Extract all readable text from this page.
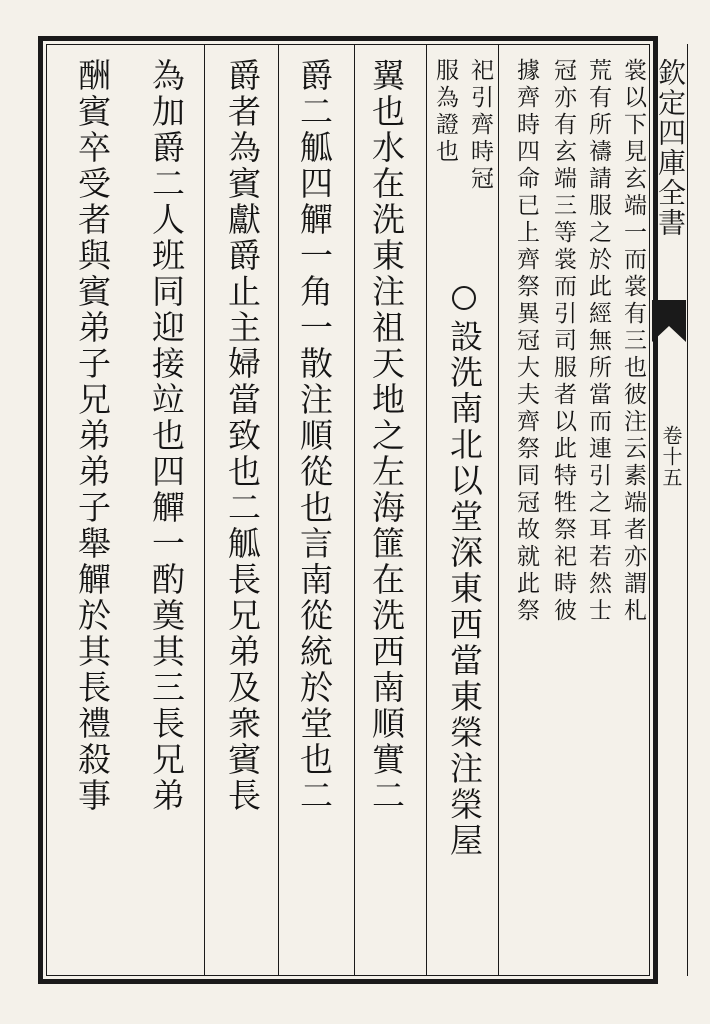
欽定四庫全書
卷十五
裳以下見玄端一而裳有三也彼注云素端者亦謂札
荒有所禱請服之於此經無所當而連引之耳若然士
冠亦有玄端三等裳而引司服者以此特牲祭祀時彼
據齊時四命已上齊祭異冠大夫齊祭同冠故就此祭
祀引齊時冠
服為證也
設洗南北以堂深東西當東榮注榮屋
翼也水在洗東注祖天地之左海篚在洗西南順實二
爵二觚四觶一角一散注順從也言南從統於堂也二
爵者為賓獻爵止主婦當致也二觚長兄弟及衆賓長
為加爵二人班同迎接竝也四觶一酌奠其三長兄弟
酬賓卒受者與賓弟子兄弟弟子舉觶於其長禮殺事
